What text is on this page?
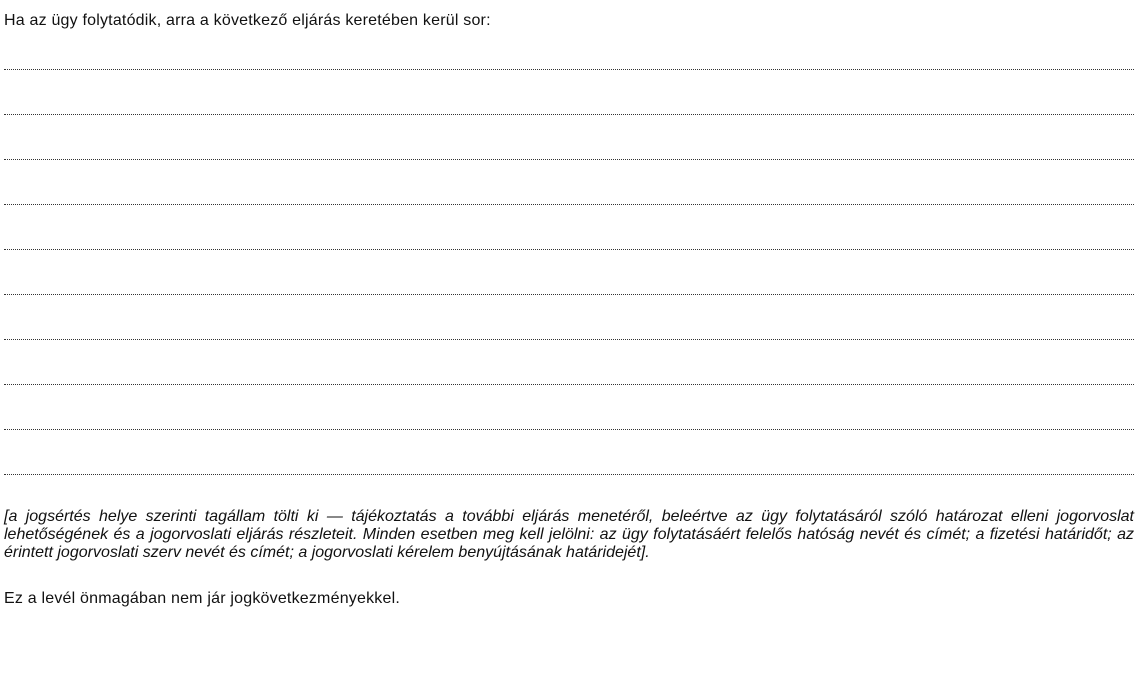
Ha az ügy folytatódik, arra a következő eljárás keretében kerül sor:
[a jogsértés helye szerinti tagállam tölti ki — tájékoztatás a további eljárás menetéről, beleértve az ügy folytatásáról szóló határozat elleni jogorvoslat lehetőségének és a jogorvoslati eljárás részleteit. Minden esetben meg kell jelölni: az ügy folytatásáért felelős hatóság nevét és címét; a fizetési határidőt; az érintett jogorvoslati szerv nevét és címét; a jogorvoslati kérelem benyújtásának határidejét].
Ez a levél önmagában nem jár jogkövetkezményekkel.
